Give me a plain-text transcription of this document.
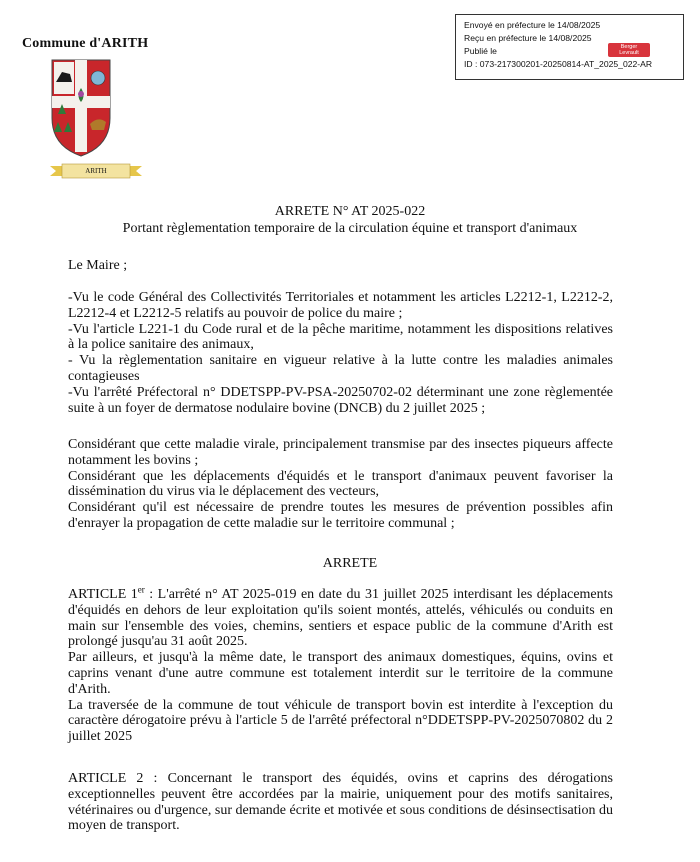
Commune d'ARITH
ARITH
Envoyé en préfecture le 14/08/2025
Reçu en préfecture le 14/08/2025
Publié le
ID : 073-217300201-20250814-AT_2025_022-AR
Berger
Levrault
ARRETE N° AT 2025-022
Portant règlementation temporaire de la circulation équine et transport d'animaux
Le Maire ;

-Vu le code Général des Collectivités Territoriales et notamment les articles L2212-1, L2212-2, L2212-4 et L2212-5 relatifs au pouvoir de police du maire ;

-Vu l'article L221-1 du Code rural et de la pêche maritime, notamment les dispositions relatives à la police sanitaire des animaux,

- Vu la règlementation sanitaire en vigueur relative à la lutte contre les maladies animales contagieuses

-Vu l'arrêté Préfectoral n° DDETSPP-PV-PSA-20250702-02 déterminant une zone règlementée suite à un foyer de dermatose nodulaire bovine (DNCB) du 2 juillet 2025 ;

Considérant que cette maladie virale, principalement transmise par des insectes piqueurs affecte notamment les bovins ;

Considérant que les déplacements d'équidés et le transport d'animaux peuvent favoriser la dissémination du virus via le déplacement des vecteurs,

Considérant qu'il est nécessaire de prendre toutes les mesures de prévention possibles afin d'enrayer la propagation de cette maladie sur le territoire communal ;

ARRETE

ARTICLE 1er : L'arrêté n° AT 2025-019 en date du 31 juillet 2025 interdisant les déplacements d'équidés en dehors de leur exploitation qu'ils soient montés, attelés, véhiculés ou conduits en main sur l'ensemble des voies, chemins, sentiers et espace public de la commune d'Arith est prolongé jusqu'au 31 août 2025.

Par ailleurs, et jusqu'à la même date, le transport des animaux domestiques, équins, ovins et caprins venant d'une autre commune est totalement interdit sur le territoire de la commune d'Arith.

La traversée de la commune de tout véhicule de transport bovin est interdite à l'exception du caractère dérogatoire prévu à l'article 5 de l'arrêté préfectoral n°DDETSPP-PV-2025070802 du 2 juillet 2025

ARTICLE 2 : Concernant le transport des équidés, ovins et caprins des dérogations exceptionnelles peuvent être accordées par la mairie, uniquement pour des motifs sanitaires, vétérinaires ou d'urgence, sur demande écrite et motivée et sous conditions de désinsectisation du moyen de transport.
